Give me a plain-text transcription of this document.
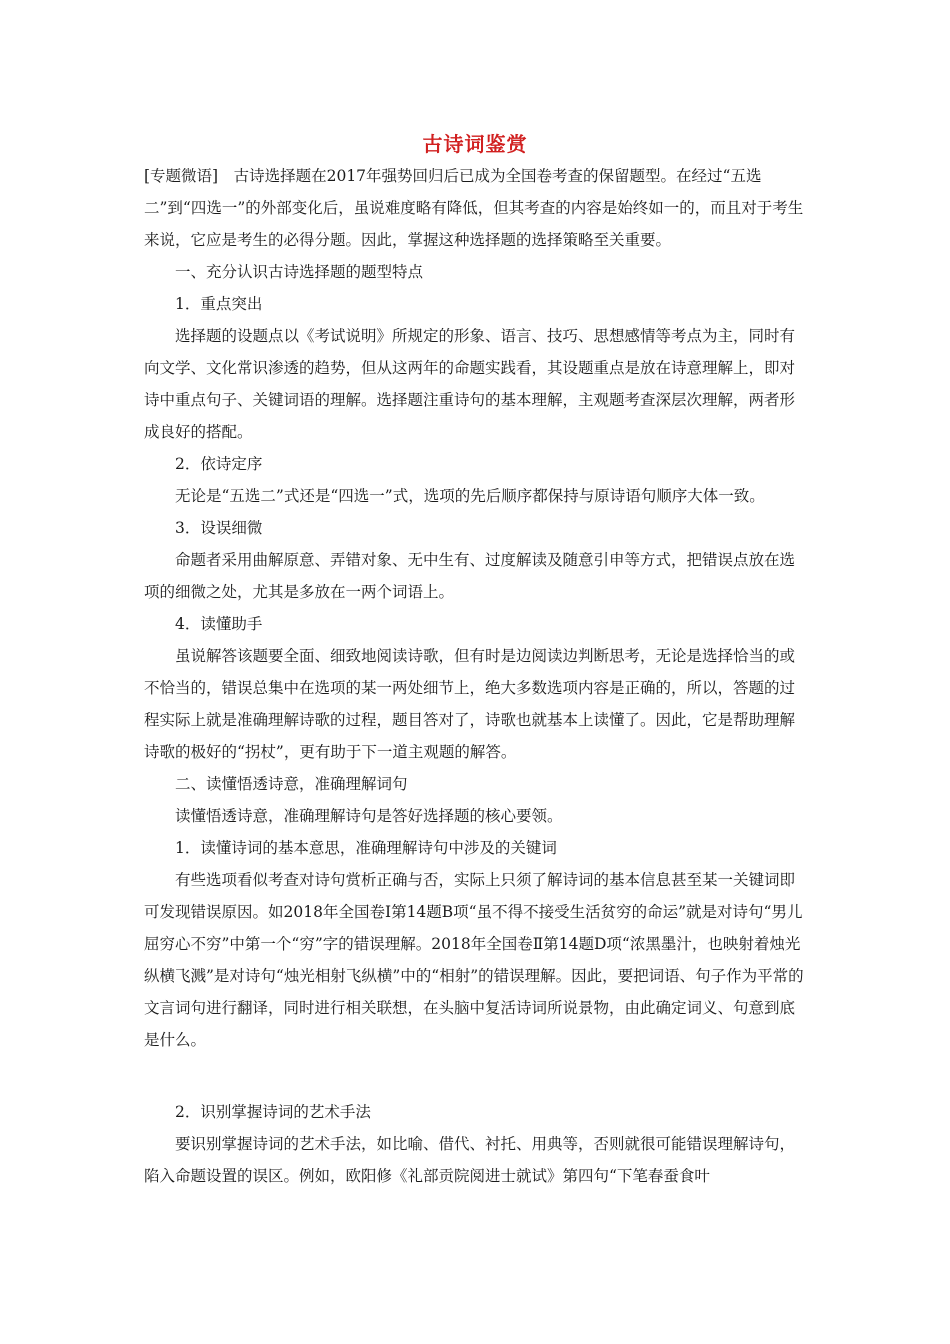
古诗词鉴赏

[专题微语]　古诗选择题在2017年强势回归后已成为全国卷考查的保留题型。在经过“五选二”到“四选一”的外部变化后，虽说难度略有降低，但其考查的内容是始终如一的，而且对于考生来说，它应是考生的必得分题。因此，掌握这种选择题的选择策略至关重要。

一、充分认识古诗选择题的题型特点

1．重点突出

选择题的设题点以《考试说明》所规定的形象、语言、技巧、思想感情等考点为主，同时有向文学、文化常识渗透的趋势，但从这两年的命题实践看，其设题重点是放在诗意理解上，即对诗中重点句子、关键词语的理解。选择题注重诗句的基本理解，主观题考查深层次理解，两者形成良好的搭配。

2．依诗定序

无论是“五选二”式还是“四选一”式，选项的先后顺序都保持与原诗语句顺序大体一致。

3．设误细微

命题者采用曲解原意、弄错对象、无中生有、过度解读及随意引申等方式，把错误点放在选项的细微之处，尤其是多放在一两个词语上。

4．读懂助手

虽说解答该题要全面、细致地阅读诗歌，但有时是边阅读边判断思考，无论是选择恰当的或不恰当的，错误总集中在选项的某一两处细节上，绝大多数选项内容是正确的，所以，答题的过程实际上就是准确理解诗歌的过程，题目答对了，诗歌也就基本上读懂了。因此，它是帮助理解诗歌的极好的“拐杖”，更有助于下一道主观题的解答。

二、读懂悟透诗意，准确理解词句

读懂悟透诗意，准确理解诗句是答好选择题的核心要领。

1．读懂诗词的基本意思，准确理解诗句中涉及的关键词

有些选项看似考查对诗句赏析正确与否，实际上只须了解诗词的基本信息甚至某一关键词即可发现错误原因。如2018年全国卷Ⅰ第14题B项“虽不得不接受生活贫穷的命运”就是对诗句“男儿屈穷心不穷”中第一个“穷”字的错误理解。2018年全国卷Ⅱ第14题D项“浓黑墨汁，也映射着烛光纵横飞溅”是对诗句“烛光相射飞纵横”中的“相射”的错误理解。因此，要把词语、句子作为平常的文言词句进行翻译，同时进行相关联想，在头脑中复活诗词所说景物，由此确定词义、句意到底是什么。

2．识别掌握诗词的艺术手法

要识别掌握诗词的艺术手法，如比喻、借代、衬托、用典等，否则就很可能错误理解诗句，陷入命题设置的误区。例如，欧阳修《礼部贡院阅进士就试》第四句“下笔春蚕食叶
